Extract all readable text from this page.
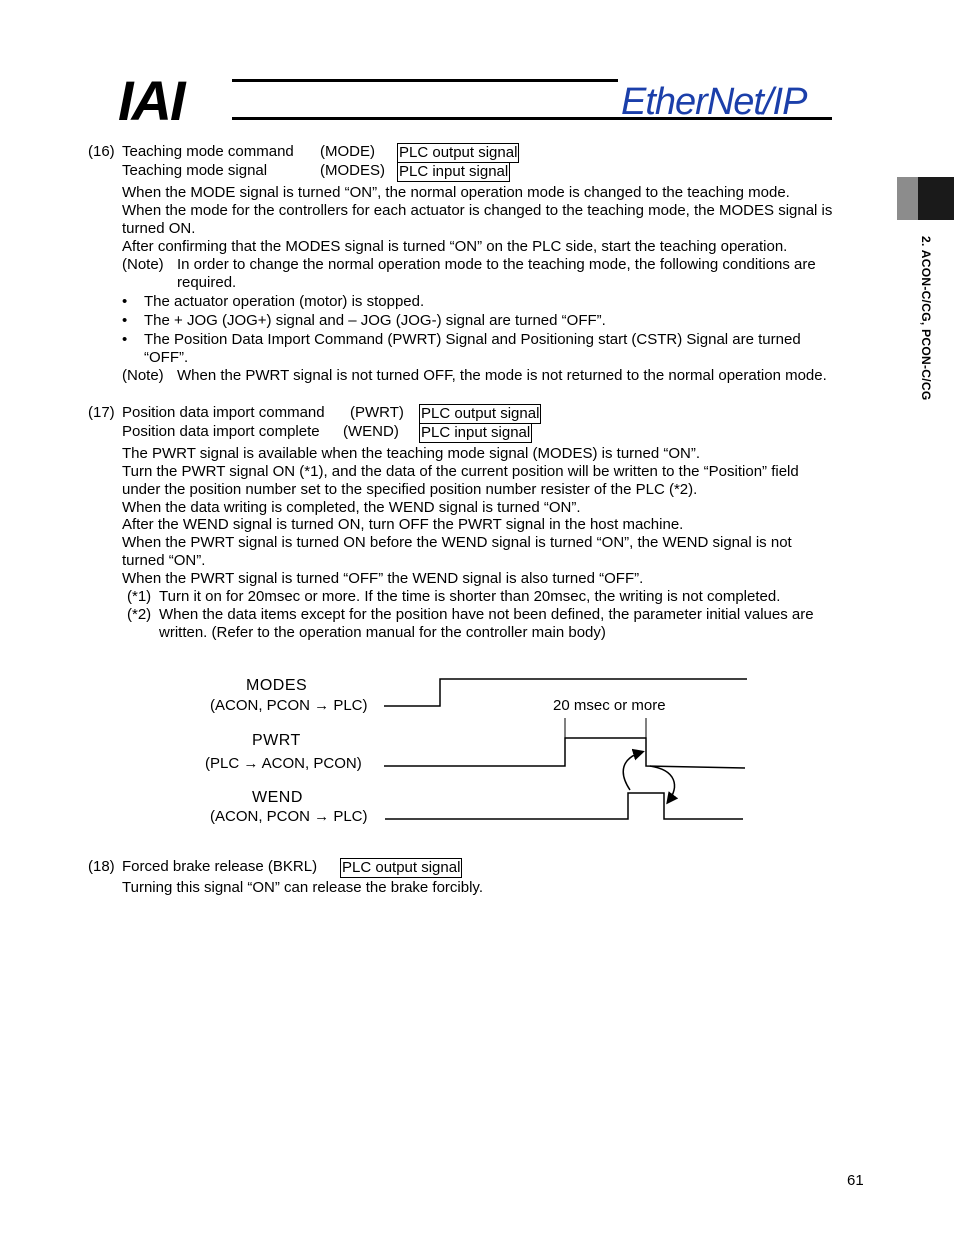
IAI	EtherNet/IP
2. ACON-C/CG, PCON-C/CG
(16) Teaching mode command (MODE) PLC output signal
Teaching mode signal	(MODES) PLC input signal
When the MODE signal is turned “ON”, the normal operation mode is changed to the teaching mode.
When the mode for the controllers for each actuator is changed to the teaching mode, the MODES signal is
turned ON.
After confirming that the MODES signal is turned “ON” on the PLC side, start the teaching operation.
(Note) In order to change the normal operation mode to the teaching mode, the following conditions are
required.
• The actuator operation (motor) is stopped.
• The + JOG (JOG+) signal and – JOG (JOG-) signal are turned “OFF”.
• The Position Data Import Command (PWRT) Signal and Positioning start (CSTR) Signal are turned
“OFF”.
(Note) When the PWRT signal is not turned OFF, the mode is not returned to the normal operation mode.
(17) Position data import command (PWRT) PLC output signal
Position data import complete (WEND) PLC input signal
The PWRT signal is available when the teaching mode signal (MODES) is turned “ON”.
Turn the PWRT signal ON (*1), and the data of the current position will be written to the “Position” field
under the position number set to the specified position number resister of the PLC (*2).
When the data writing is completed, the WEND signal is turned “ON”.
After the WEND signal is turned ON, turn OFF the PWRT signal in the host machine.
When the PWRT signal is turned ON before the WEND signal is turned “ON”, the WEND signal is not
turned “ON”.
When the PWRT signal is turned “OFF” the WEND signal is also turned “OFF”.
(*1) Turn it on for 20msec or more. If the time is shorter than 20msec, the writing is not completed.
(*2) When the data items except for the position have not been defined, the parameter initial values are
written. (Refer to the operation manual for the controller main body)
MODES
(ACON, PCON → PLC)
PWRT
(PLC → ACON, PCON)
WEND
(ACON, PCON → PLC)
20 msec or more
(18) Forced brake release (BKRL) PLC output signal
Turning this signal “ON” can release the brake forcibly.
61
